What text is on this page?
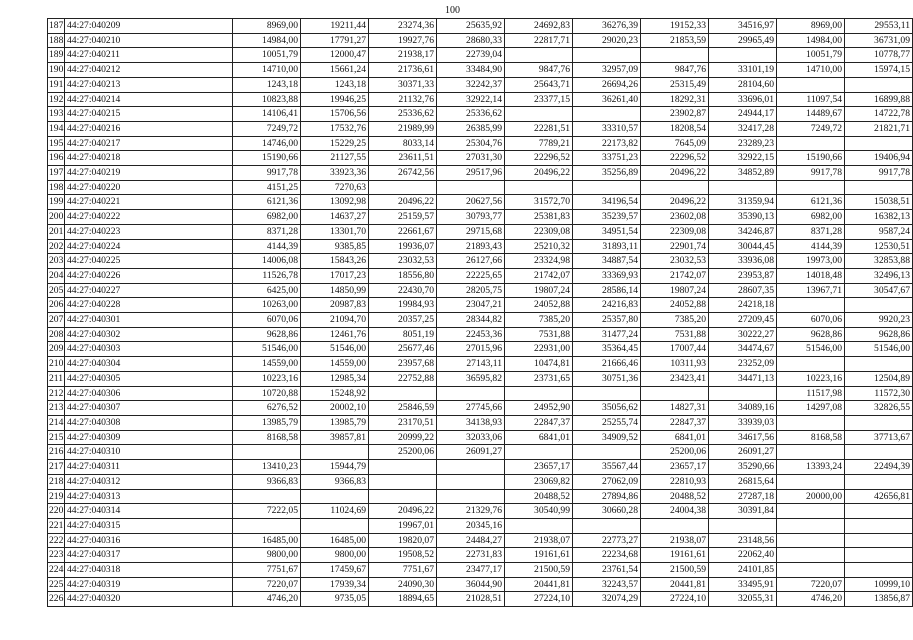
100
187	44:27:040209	8969,00	19211,44	23274,36	25635,92	24692,83	36276,39	19152,33	34516,97	8969,00	29553,11
188	44:27:040210	14984,00	17791,27	19927,76	28680,33	22817,71	29020,23	21853,59	29965,49	14984,00	36731,09
189	44:27:040211	10051,79	12000,47	21938,17	22739,04					10051,79	10778,77
190	44:27:040212	14710,00	15661,24	21736,61	33484,90	9847,76	32957,09	9847,76	33101,19	14710,00	15974,15
191	44:27:040213	1243,18	1243,18	30371,33	32242,37	25643,71	26694,26	25315,49	28104,60		
192	44:27:040214	10823,88	19946,25	21132,76	32922,14	23377,15	36261,40	18292,31	33696,01	11097,54	16899,88
193	44:27:040215	14106,41	15706,56	25336,62	25336,62			23902,87	24944,17	14489,67	14722,78
194	44:27:040216	7249,72	17532,76	21989,99	26385,99	22281,51	33310,57	18208,54	32417,28	7249,72	21821,71
195	44:27:040217	14746,00	15229,25	8033,14	25304,76	7789,21	22173,82	7645,09	23289,23		
196	44:27:040218	15190,66	21127,55	23611,51	27031,30	22296,52	33751,23	22296,52	32922,15	15190,66	19406,94
197	44:27:040219	9917,78	33923,36	26742,56	29517,96	20496,22	35256,89	20496,22	34852,89	9917,78	9917,78
198	44:27:040220	4151,25	7270,63								
199	44:27:040221	6121,36	13092,98	20496,22	20627,56	31572,70	34196,54	20496,22	31359,94	6121,36	15038,51
200	44:27:040222	6982,00	14637,27	25159,57	30793,77	25381,83	35239,57	23602,08	35390,13	6982,00	16382,13
201	44:27:040223	8371,28	13301,70	22661,67	29715,68	22309,08	34951,54	22309,08	34246,87	8371,28	9587,24
202	44:27:040224	4144,39	9385,85	19936,07	21893,43	25210,32	31893,11	22901,74	30044,45	4144,39	12530,51
203	44:27:040225	14006,08	15843,26	23032,53	26127,66	23324,98	34887,54	23032,53	33936,08	19973,00	32853,88
204	44:27:040226	11526,78	17017,23	18556,80	22225,65	21742,07	33369,93	21742,07	23953,87	14018,48	32496,13
205	44:27:040227	6425,00	14850,99	22430,70	28205,75	19807,24	28586,14	19807,24	28607,35	13967,71	30547,67
206	44:27:040228	10263,00	20987,83	19984,93	23047,21	24052,88	24216,83	24052,88	24218,18		
207	44:27:040301	6070,06	21094,70	20357,25	28344,82	7385,20	25357,80	7385,20	27209,45	6070,06	9920,23
208	44:27:040302	9628,86	12461,76	8051,19	22453,36	7531,88	31477,24	7531,88	30222,27	9628,86	9628,86
209	44:27:040303	51546,00	51546,00	25677,46	27015,96	22931,00	35364,45	17007,44	34474,67	51546,00	51546,00
210	44:27:040304	14559,00	14559,00	23957,68	27143,11	10474,81	21666,46	10311,93	23252,09		
211	44:27:040305	10223,16	12985,34	22752,88	36595,82	23731,65	30751,36	23423,41	34471,13	10223,16	12504,89
212	44:27:040306	10720,88	15248,92							11517,98	11572,30
213	44:27:040307	6276,52	20002,10	25846,59	27745,66	24952,90	35056,62	14827,31	34089,16	14297,08	32826,55
214	44:27:040308	13985,79	13985,79	23170,51	34138,93	22847,37	25255,74	22847,37	33939,03		
215	44:27:040309	8168,58	39857,81	20999,22	32033,06	6841,01	34909,52	6841,01	34617,56	8168,58	37713,67
216	44:27:040310			25200,06	26091,27			25200,06	26091,27		
217	44:27:040311	13410,23	15944,79			23657,17	35567,44	23657,17	35290,66	13393,24	22494,39
218	44:27:040312	9366,83	9366,83			23069,82	27062,09	22810,93	26815,64		
219	44:27:040313					20488,52	27894,86	20488,52	27287,18	20000,00	42656,81
220	44:27:040314	7222,05	11024,69	20496,22	21329,76	30540,99	30660,28	24004,38	30391,84		
221	44:27:040315			19967,01	20345,16						
222	44:27:040316	16485,00	16485,00	19820,07	24484,27	21938,07	22773,27	21938,07	23148,56		
223	44:27:040317	9800,00	9800,00	19508,52	22731,83	19161,61	22234,68	19161,61	22062,40		
224	44:27:040318	7751,67	17459,67	7751,67	23477,17	21500,59	23761,54	21500,59	24101,85		
225	44:27:040319	7220,07	17939,34	24090,30	36044,90	20441,81	32243,57	20441,81	33495,91	7220,07	10999,10
226	44:27:040320	4746,20	9735,05	18894,65	21028,51	27224,10	32074,29	27224,10	32055,31	4746,20	13856,87
